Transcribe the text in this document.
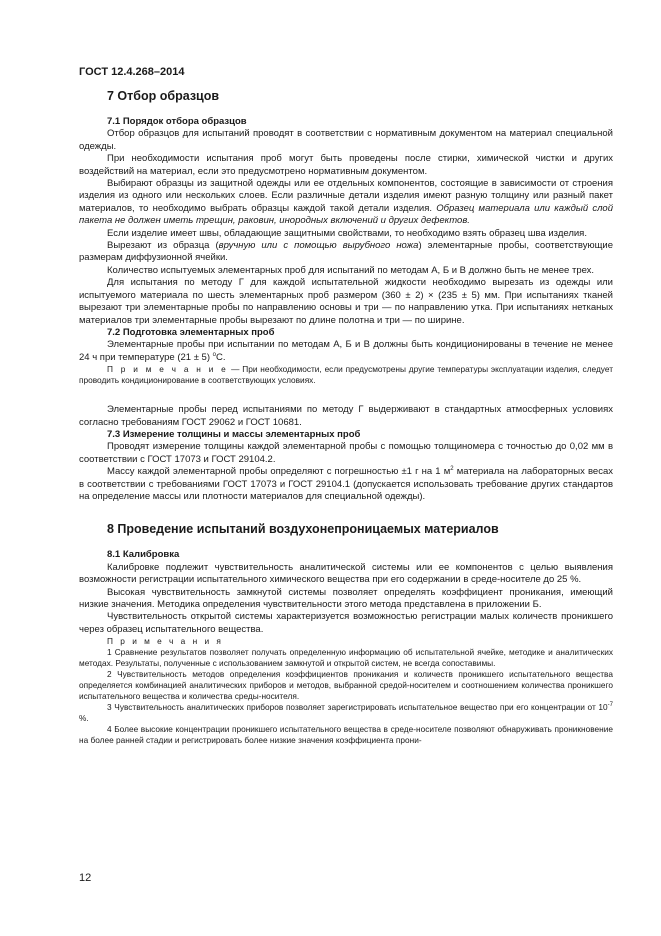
ГОСТ 12.4.268–2014
7 Отбор образцов
7.1 Порядок отбора образцов

Отбор образцов для испытаний проводят в соответствии с нормативным документом на материал специальной одежды.

При необходимости испытания проб могут быть проведены после стирки, химической чистки и других воздействий на материал, если это предусмотрено нормативным документом.

Выбирают образцы из защитной одежды или ее отдельных компонентов, состоящие в зависимости от строения изделия из одного или нескольких слоев. Если различные детали изделия имеют разную толщину или разный пакет материалов, то необходимо выбрать образцы каждой такой детали изделия. Образец материала или каждый слой пакета не должен иметь трещин, раковин, инородных включений и других дефектов.

Если изделие имеет швы, обладающие защитными свойствами, то необходимо взять образец шва изделия.

Вырезают из образца (вручную или с помощью вырубного ножа) элементарные пробы, соответствующие размерам диффузионной ячейки.

Количество испытуемых элементарных проб для испытаний по методам А, Б и В должно быть не менее трех.

Для испытания по методу Г для каждой испытательной жидкости необходимо вырезать из одежды или испытуемого материала по шесть элементарных проб размером (360 ± 2) × (235 ± 5) мм. При испытаниях тканей вырезают три элементарные пробы по направлению основы и три — по направлению утка. При испытаниях нетканых материалов три элементарные пробы вырезают по длине полотна и три — по ширине.

7.2 Подготовка элементарных проб

Элементарные пробы при испытании по методам А, Б и В должны быть кондиционированы в течение не менее 24 ч при температуре (21 ± 5) $^о$С.

П р и м е ч а н и е — При необходимости, если предусмотрены другие температуры эксплуатации изделия, следует проводить кондиционирование в соответствующих условиях.

Элементарные пробы перед испытаниями по методу Г выдерживают в стандартных атмосферных условиях согласно требованиям ГОСТ 29062 и ГОСТ 10681.

7.3 Измерение толщины и массы элементарных проб

Проводят измерение толщины каждой элементарной пробы с помощью толщиномера с точностью до 0,02 мм в соответствии с ГОСТ 17073 и ГОСТ 29104.2.

Массу каждой элементарной пробы определяют с погрешностью ±1 г на 1 $м^2$ материала на лабораторных весах в соответствии с требованиями ГОСТ 17073 и ГОСТ 29104.1 (допускается использовать требование других стандартов на определение массы или плотности материалов для специальной одежды).

8 Проведение испытаний воздухонепроницаемых материалов
8.1 Калибровка

Калибровке подлежит чувствительность аналитической системы или ее компонентов с целью выявления возможности регистрации испытательного химического вещества при его содержании в среде-носителе до 25 %.

Высокая чувствительность замкнутой системы позволяет определять коэффициент проникания, имеющий низкие значения. Методика определения чувствительности этого метода представлена в приложении Б.

Чувствительность открытой системы характеризуется возможностью регистрации малых количеств проникшего через образец испытательного вещества.

П р и м е ч а н и я

1 Сравнение результатов позволяет получать определенную информацию об испытательной ячейке, методике и аналитических методах. Результаты, полученные с использованием замкнутой и открытой систем, не всегда сопоставимы.

2 Чувствительность методов определения коэффициентов проникания и количеств проникшего испытательного вещества определяется комбинацией аналитических приборов и методов, выбранной средой-носителем и соотношением количества проникшего испытательного вещества и количества среды-носителя.

3 Чувствительность аналитических приборов позволяет зарегистрировать испытательное вещество при его концентрации от $10^{-7}$ %.

4 Более высокие концентрации проникшего испытательного вещества в среде-носителе позволяют обнаруживать проникновение на более ранней стадии и регистрировать более низкие значения коэффициента прони-

12
